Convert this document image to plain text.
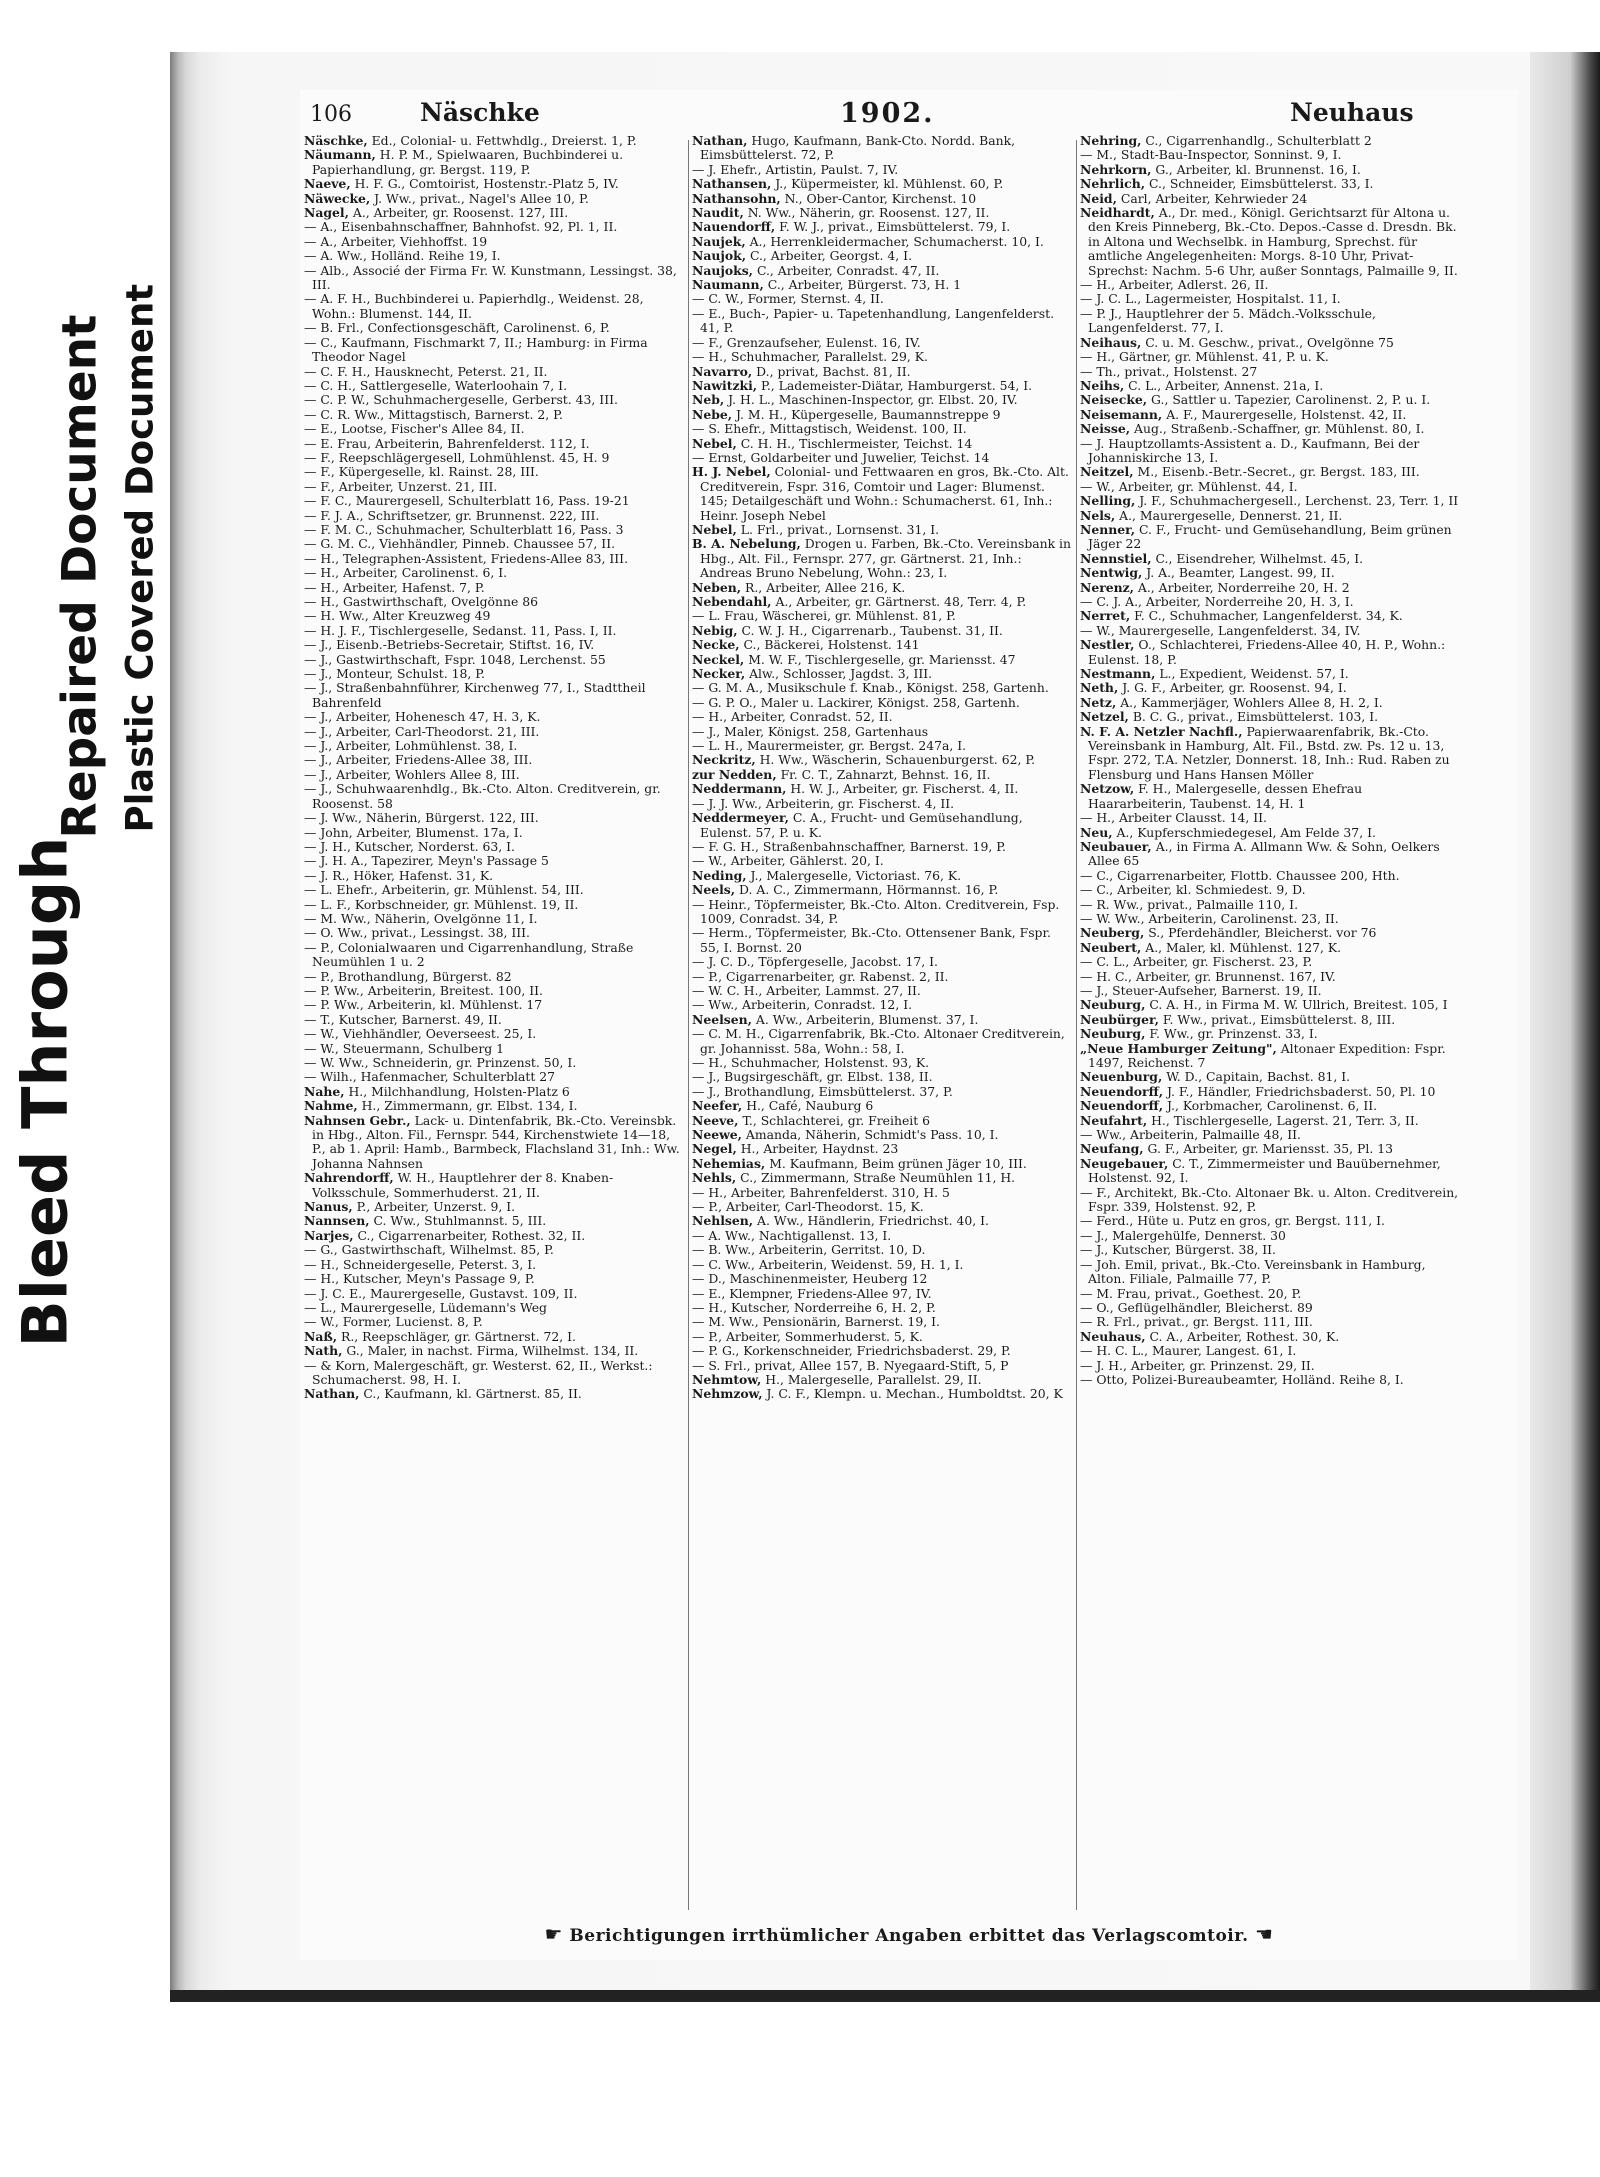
Bleed Through
Repaired Document Plastic Covered Document
106	Näschke	1902.	Neuhaus

Näschke, Ed., Colonial- u. Fettwhdlg., Dreierst. 1, P.

Näumann, H. P. M., Spielwaaren, Buchbinderei u. Papierhandlung, gr. Bergst. 119, P.

Naeve, H. F. G., Comtoirist, Hostenstr.-Platz 5, IV.

Näwecke, J. Ww., privat., Nagel's Allee 10, P.

Nagel, A., Arbeiter, gr. Roosenst. 127, III.

— A., Eisenbahnschaffner, Bahnhofst. 92, Pl. 1, II.

— A., Arbeiter, Viehhoffst. 19

— A. Ww., Holländ. Reihe 19, I.

— Alb., Associé der Firma Fr. W. Kunstmann, Lessingst. 38, III.

— A. F. H., Buchbinderei u. Papierhdlg., Weidenst. 28, Wohn.: Blumenst. 144, II.

— B. Frl., Confectionsgeschäft, Carolinenst. 6, P.

— C., Kaufmann, Fischmarkt 7, II.; Hamburg: in Firma Theodor Nagel

— C. F. H., Hausknecht, Peterst. 21, II.

— C. H., Sattlergeselle, Waterloohain 7, I.

— C. P. W., Schuhmachergeselle, Gerberst. 43, III.

— C. R. Ww., Mittagstisch, Barnerst. 2, P.

— E., Lootse, Fischer's Allee 84, II.

— E. Frau, Arbeiterin, Bahrenfelderst. 112, I.

— F., Reepschlägergesell, Lohmühlenst. 45, H. 9

— F., Küpergeselle, kl. Rainst. 28, III.

— F., Arbeiter, Unzerst. 21, III.

— F. C., Maurergesell, Schulterblatt 16, Pass. 19-21

— F. J. A., Schriftsetzer, gr. Brunnenst. 222, III.

— F. M. C., Schuhmacher, Schulterblatt 16, Pass. 3

— G. M. C., Viehhändler, Pinneb. Chaussee 57, II.

— H., Telegraphen-Assistent, Friedens-Allee 83, III.

— H., Arbeiter, Carolinenst. 6, I.

— H., Arbeiter, Hafenst. 7, P.

— H., Gastwirthschaft, Ovelgönne 86

— H. Ww., Alter Kreuzweg 49

— H. J. F., Tischlergeselle, Sedanst. 11, Pass. I, II.

— J., Eisenb.-Betriebs-Secretair, Stiftst. 16, IV.

— J., Gastwirthschaft, Fspr. 1048, Lerchenst. 55

— J., Monteur, Schulst. 18, P.

— J., Straßenbahnführer, Kirchenweg 77, I., Stadttheil Bahrenfeld

— J., Arbeiter, Hohenesch 47, H. 3, K.

— J., Arbeiter, Carl-Theodorst. 21, III.

— J., Arbeiter, Lohmühlenst. 38, I.

— J., Arbeiter, Friedens-Allee 38, III.

— J., Arbeiter, Wohlers Allee 8, III.

— J., Schuhwaarenhdlg., Bk.-Cto. Alton. Creditverein, gr. Roosenst. 58

— J. Ww., Näherin, Bürgerst. 122, III.

— John, Arbeiter, Blumenst. 17a, I.

— J. H., Kutscher, Norderst. 63, I.

— J. H. A., Tapezirer, Meyn's Passage 5

— J. R., Höker, Hafenst. 31, K.

— L. Ehefr., Arbeiterin, gr. Mühlenst. 54, III.

— L. F., Korbschneider, gr. Mühlenst. 19, II.

— M. Ww., Näherin, Ovelgönne 11, I.

— O. Ww., privat., Lessingst. 38, III.

— P., Colonialwaaren und Cigarrenhandlung, Straße Neumühlen 1 u. 2

— P., Brothandlung, Bürgerst. 82

— P. Ww., Arbeiterin, Breitest. 100, II.

— P. Ww., Arbeiterin, kl. Mühlenst. 17

— T., Kutscher, Barnerst. 49, II.

— W., Viehhändler, Oeverseest. 25, I.

— W., Steuermann, Schulberg 1

— W. Ww., Schneiderin, gr. Prinzenst. 50, I.

— Wilh., Hafenmacher, Schulterblatt 27

Nahe, H., Milchhandlung, Holsten-Platz 6

Nahme, H., Zimmermann, gr. Elbst. 134, I.

Nahnsen Gebr., Lack- u. Dintenfabrik, Bk.-Cto. Vereinsbk. in Hbg., Alton. Fil., Fernspr. 544, Kirchenstwiete 14—18, P., ab 1. April: Hamb., Barmbeck, Flachsland 31, Inh.: Ww. Johanna Nahnsen

Nahrendorff, W. H., Hauptlehrer der 8. Knaben-Volksschule, Sommerhuderst. 21, II.

Nanus, P., Arbeiter, Unzerst. 9, I.

Nannsen, C. Ww., Stuhlmannst. 5, III.

Narjes, C., Cigarrenarbeiter, Rothest. 32, II.

— G., Gastwirthschaft, Wilhelmst. 85, P.

— H., Schneidergeselle, Peterst. 3, I.

— H., Kutscher, Meyn's Passage 9, P.

— J. C. E., Maurergeselle, Gustavst. 109, II.

— L., Maurergeselle, Lüdemann's Weg

— W., Former, Lucienst. 8, P.

Naß, R., Reepschläger, gr. Gärtnerst. 72, I.

Nath, G., Maler, in nachst. Firma, Wilhelmst. 134, II.

— & Korn, Malergeschäft, gr. Westerst. 62, II., Werkst.: Schumacherst. 98, H. I.

Nathan, C., Kaufmann, kl. Gärtnerst. 85, II.

Nathan, Hugo, Kaufmann, Bank-Cto. Nordd. Bank, Eimsbüttelerst. 72, P.

— J. Ehefr., Artistin, Paulst. 7, IV.

Nathansen, J., Küpermeister, kl. Mühlenst. 60, P.

Nathansohn, N., Ober-Cantor, Kirchenst. 10

Naudit, N. Ww., Näherin, gr. Roosenst. 127, II.

Nauendorff, F. W. J., privat., Eimsbüttelerst. 79, I.

Naujek, A., Herrenkleidermacher, Schumacherst. 10, I.

Naujok, C., Arbeiter, Georgst. 4, I.

Naujoks, C., Arbeiter, Conradst. 47, II.

Naumann, C., Arbeiter, Bürgerst. 73, H. 1

— C. W., Former, Sternst. 4, II.

— E., Buch-, Papier- u. Tapetenhandlung, Langenfelderst. 41, P.

— F., Grenzaufseher, Eulenst. 16, IV.

— H., Schuhmacher, Parallelst. 29, K.

Navarro, D., privat, Bachst. 81, II.

Nawitzki, P., Lademeister-Diätar, Hamburgerst. 54, I.

Neb, J. H. L., Maschinen-Inspector, gr. Elbst. 20, IV.

Nebe, J. M. H., Küpergeselle, Baumannstreppe 9

— S. Ehefr., Mittagstisch, Weidenst. 100, II.

Nebel, C. H. H., Tischlermeister, Teichst. 14

— Ernst, Goldarbeiter und Juwelier, Teichst. 14

H. J. Nebel, Colonial- und Fettwaaren en gros, Bk.-Cto. Alt. Creditverein, Fspr. 316, Comtoir und Lager: Blumenst. 145; Detailgeschäft und Wohn.: Schumacherst. 61, Inh.: Heinr. Joseph Nebel

Nebel, L. Frl., privat., Lornsenst. 31, I.

B. A. Nebelung, Drogen u. Farben, Bk.-Cto. Vereinsbank in Hbg., Alt. Fil., Fernspr. 277, gr. Gärtnerst. 21, Inh.: Andreas Bruno Nebelung, Wohn.: 23, I.

Neben, R., Arbeiter, Allee 216, K.

Nebendahl, A., Arbeiter, gr. Gärtnerst. 48, Terr. 4, P.

— L. Frau, Wäscherei, gr. Mühlenst. 81, P.

Nebig, C. W. J. H., Cigarrenarb., Taubenst. 31, II.

Necke, C., Bäckerei, Holstenst. 141

Neckel, M. W. F., Tischlergeselle, gr. Mariensst. 47

Necker, Alw., Schlosser, Jagdst. 3, III.

— G. M. A., Musikschule f. Knab., Königst. 258, Gartenh.

— G. P. O., Maler u. Lackirer, Königst. 258, Gartenh.

— H., Arbeiter, Conradst. 52, II.

— J., Maler, Königst. 258, Gartenhaus

— L. H., Maurermeister, gr. Bergst. 247a, I.

Neckritz, H. Ww., Wäscherin, Schauenburgerst. 62, P.

zur Nedden, Fr. C. T., Zahnarzt, Behnst. 16, II.

Neddermann, H. W. J., Arbeiter, gr. Fischerst. 4, II.

— J. J. Ww., Arbeiterin, gr. Fischerst. 4, II.

Neddermeyer, C. A., Frucht- und Gemüsehandlung, Eulenst. 57, P. u. K.

— F. G. H., Straßenbahnschaffner, Barnerst. 19, P.

— W., Arbeiter, Gählerst. 20, I.

Neding, J., Malergeselle, Victoriast. 76, K.

Neels, D. A. C., Zimmermann, Hörmannst. 16, P.

— Heinr., Töpfermeister, Bk.-Cto. Alton. Creditverein, Fsp. 1009, Conradst. 34, P.

— Herm., Töpfermeister, Bk.-Cto. Ottensener Bank, Fspr. 55, I. Bornst. 20

— J. C. D., Töpfergeselle, Jacobst. 17, I.

— P., Cigarrenarbeiter, gr. Rabenst. 2, II.

— W. C. H., Arbeiter, Lammst. 27, II.

— Ww., Arbeiterin, Conradst. 12, I.

Neelsen, A. Ww., Arbeiterin, Blumenst. 37, I.

— C. M. H., Cigarrenfabrik, Bk.-Cto. Altonaer Creditverein, gr. Johannisst. 58a, Wohn.: 58, I.

— H., Schuhmacher, Holstenst. 93, K.

— J., Bugsirgeschäft, gr. Elbst. 138, II.

— J., Brothandlung, Eimsbüttelerst. 37, P.

Neefer, H., Café, Nauburg 6

Neeve, T., Schlachterei, gr. Freiheit 6

Neewe, Amanda, Näherin, Schmidt's Pass. 10, I.

Negel, H., Arbeiter, Haydnst. 23

Nehemias, M. Kaufmann, Beim grünen Jäger 10, III.

Nehls, C., Zimmermann, Straße Neumühlen 11, H.

— H., Arbeiter, Bahrenfelderst. 310, H. 5

— P., Arbeiter, Carl-Theodorst. 15, K.

Nehlsen, A. Ww., Händlerin, Friedrichst. 40, I.

— A. Ww., Nachtigallenst. 13, I.

— B. Ww., Arbeiterin, Gerritst. 10, D.

— C. Ww., Arbeiterin, Weidenst. 59, H. 1, I.

— D., Maschinenmeister, Heuberg 12

— E., Klempner, Friedens-Allee 97, IV.

— H., Kutscher, Norderreihe 6, H. 2, P.

— M. Ww., Pensionärin, Barnerst. 19, I.

— P., Arbeiter, Sommerhuderst. 5, K.

— P. G., Korkenschneider, Friedrichsbaderst. 29, P.

— S. Frl., privat, Allee 157, B. Nyegaard-Stift, 5, P

Nehmtow, H., Malergeselle, Parallelst. 29, II.

Nehmzow, J. C. F., Klempn. u. Mechan., Humboldtst. 20, K

Nehring, C., Cigarrenhandlg., Schulterblatt 2

— M., Stadt-Bau-Inspector, Sonninst. 9, I.

Nehrkorn, G., Arbeiter, kl. Brunnenst. 16, I.

Nehrlich, C., Schneider, Eimsbüttelerst. 33, I.

Neid, Carl, Arbeiter, Kehrwieder 24

Neidhardt, A., Dr. med., Königl. Gerichtsarzt für Altona u. den Kreis Pinneberg, Bk.-Cto. Depos.-Casse d. Dresdn. Bk. in Altona und Wechselbk. in Hamburg, Sprechst. für amtliche Angelegenheiten: Morgs. 8-10 Uhr, Privat-Sprechst: Nachm. 5-6 Uhr, außer Sonntags, Palmaille 9, II.

— H., Arbeiter, Adlerst. 26, II.

— J. C. L., Lagermeister, Hospitalst. 11, I.

— P. J., Hauptlehrer der 5. Mädch.-Volksschule, Langenfelderst. 77, I.

Neihaus, C. u. M. Geschw., privat., Ovelgönne 75

— H., Gärtner, gr. Mühlenst. 41, P. u. K.

— Th., privat., Holstenst. 27

Neihs, C. L., Arbeiter, Annenst. 21a, I.

Neisecke, G., Sattler u. Tapezier, Carolinenst. 2, P. u. I.

Neisemann, A. F., Maurergeselle, Holstenst. 42, II.

Neisse, Aug., Straßenb.-Schaffner, gr. Mühlenst. 80, I.

— J. Hauptzollamts-Assistent a. D., Kaufmann, Bei der Johanniskirche 13, I.

Neitzel, M., Eisenb.-Betr.-Secret., gr. Bergst. 183, III.

— W., Arbeiter, gr. Mühlenst. 44, I.

Nelling, J. F., Schuhmachergesell., Lerchenst. 23, Terr. 1, II

Nels, A., Maurergeselle, Dennerst. 21, II.

Nenner, C. F., Frucht- und Gemüsehandlung, Beim grünen Jäger 22

Nennstiel, C., Eisendreher, Wilhelmst. 45, I.

Nentwig, J. A., Beamter, Langest. 99, II.

Nerenz, A., Arbeiter, Norderreihe 20, H. 2

— C. J. A., Arbeiter, Norderreihe 20, H. 3, I.

Nerret, F. C., Schuhmacher, Langenfelderst. 34, K.

— W., Maurergeselle, Langenfelderst. 34, IV.

Nestler, O., Schlachterei, Friedens-Allee 40, H. P., Wohn.: Eulenst. 18, P.

Nestmann, L., Expedient, Weidenst. 57, I.

Neth, J. G. F., Arbeiter, gr. Roosenst. 94, I.

Netz, A., Kammerjäger, Wohlers Allee 8, H. 2, I.

Netzel, B. C. G., privat., Eimsbüttelerst. 103, I.

N. F. A. Netzler Nachfl., Papierwaarenfabrik, Bk.-Cto. Vereinsbank in Hamburg, Alt. Fil., Bstd. zw. Ps. 12 u. 13, Fspr. 272, T.A. Netzler, Donnerst. 18, Inh.: Rud. Raben zu Flensburg und Hans Hansen Möller

Netzow, F. H., Malergeselle, dessen Ehefrau Haararbeiterin, Taubenst. 14, H. 1

— H., Arbeiter Clausst. 14, II.

Neu, A., Kupferschmiedegesel, Am Felde 37, I.

Neubauer, A., in Firma A. Allmann Ww. & Sohn, Oelkers Allee 65

— C., Cigarrenarbeiter, Flottb. Chaussee 200, Hth.

— C., Arbeiter, kl. Schmiedest. 9, D.

— R. Ww., privat., Palmaille 110, I.

— W. Ww., Arbeiterin, Carolinenst. 23, II.

Neuberg, S., Pferdehändler, Bleicherst. vor 76

Neubert, A., Maler, kl. Mühlenst. 127, K.

— C. L., Arbeiter, gr. Fischerst. 23, P.

— H. C., Arbeiter, gr. Brunnenst. 167, IV.

— J., Steuer-Aufseher, Barnerst. 19, II.

Neuburg, C. A. H., in Firma M. W. Ullrich, Breitest. 105, I

Neubürger, F. Ww., privat., Eimsbüttelerst. 8, III.

Neuburg, F. Ww., gr. Prinzenst. 33, I.

„Neue Hamburger Zeitung", Altonaer Expedition: Fspr. 1497, Reichenst. 7

Neuenburg, W. D., Capitain, Bachst. 81, I.

Neuendorff, J. F., Händler, Friedrichsbaderst. 50, Pl. 10

Neuendorff, J., Korbmacher, Carolinenst. 6, II.

Neufahrt, H., Tischlergeselle, Lagerst. 21, Terr. 3, II.

— Ww., Arbeiterin, Palmaille 48, II.

Neufang, G. F., Arbeiter, gr. Mariensst. 35, Pl. 13

Neugebauer, C. T., Zimmermeister und Bauübernehmer, Holstenst. 92, I.

— F., Architekt, Bk.-Cto. Altonaer Bk. u. Alton. Creditverein, Fspr. 339, Holstenst. 92, P.

— Ferd., Hüte u. Putz en gros, gr. Bergst. 111, I.

— J., Malergehülfe, Dennerst. 30

— J., Kutscher, Bürgerst. 38, II.

— Joh. Emil, privat., Bk.-Cto. Vereinsbank in Hamburg, Alton. Filiale, Palmaille 77, P.

— M. Frau, privat., Goethest. 20, P.

— O., Geflügelhändler, Bleicherst. 89

— R. Frl., privat., gr. Bergst. 111, III.

Neuhaus, C. A., Arbeiter, Rothest. 30, K.

— H. C. L., Maurer, Langest. 61, I.

— J. H., Arbeiter, gr. Prinzenst. 29, II.

— Otto, Polizei-Bureaubeamter, Holländ. Reihe 8, I.

☛ Berichtigungen irrthümlicher Angaben erbittet das Verlagscomtoir. ☚
